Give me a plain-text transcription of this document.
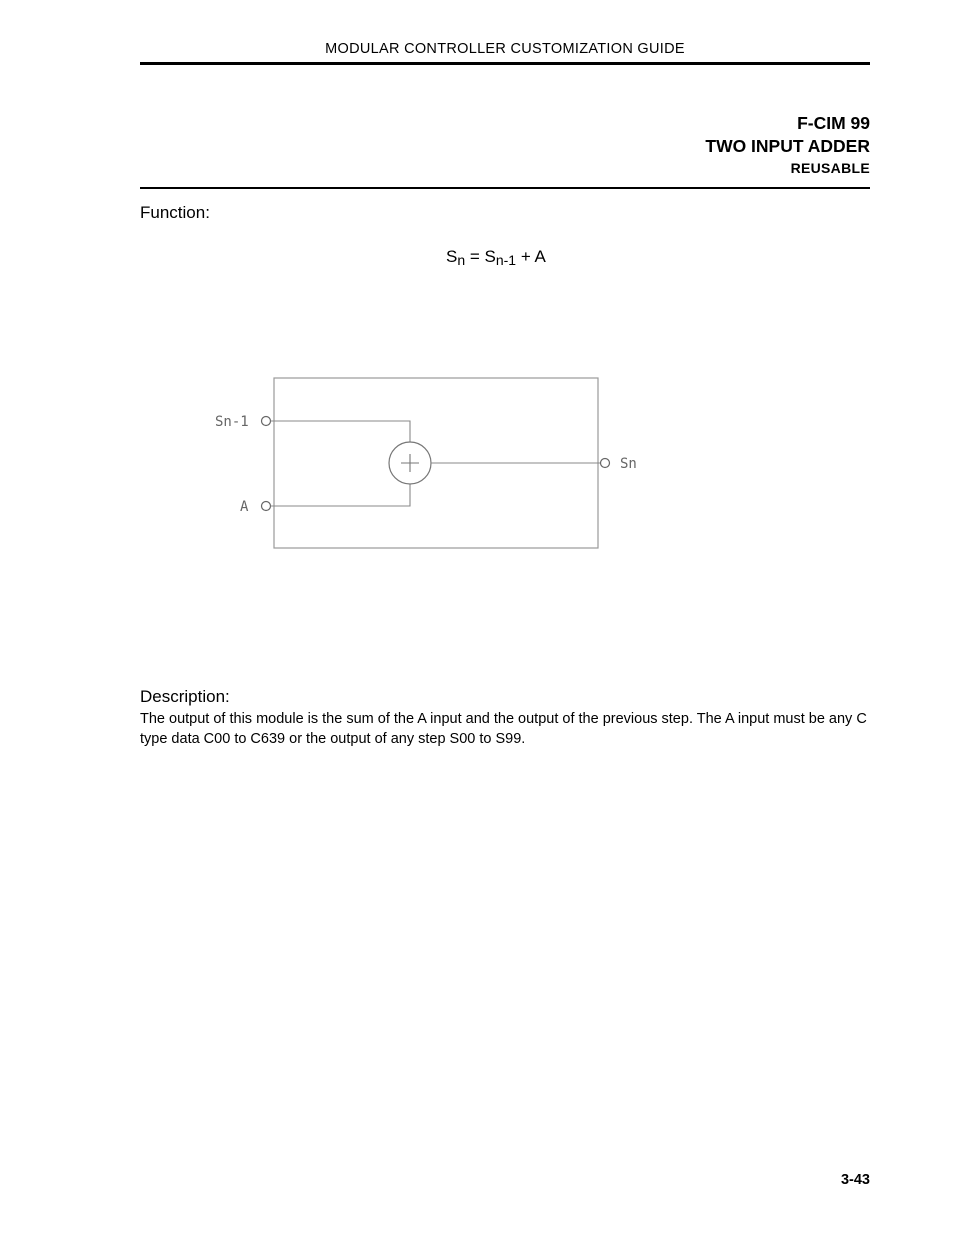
MODULAR CONTROLLER CUSTOMIZATION GUIDE
F-CIM 99
TWO INPUT ADDER
REUSABLE
Function:
$S_n = S_{n-1} + A$
Sn-1
A
Sn
Description:
The output of this module is the sum of the A input and the output of the previous step. The A input must be any C type data C00 to C639 or the output of any step S00 to S99.
3-43
